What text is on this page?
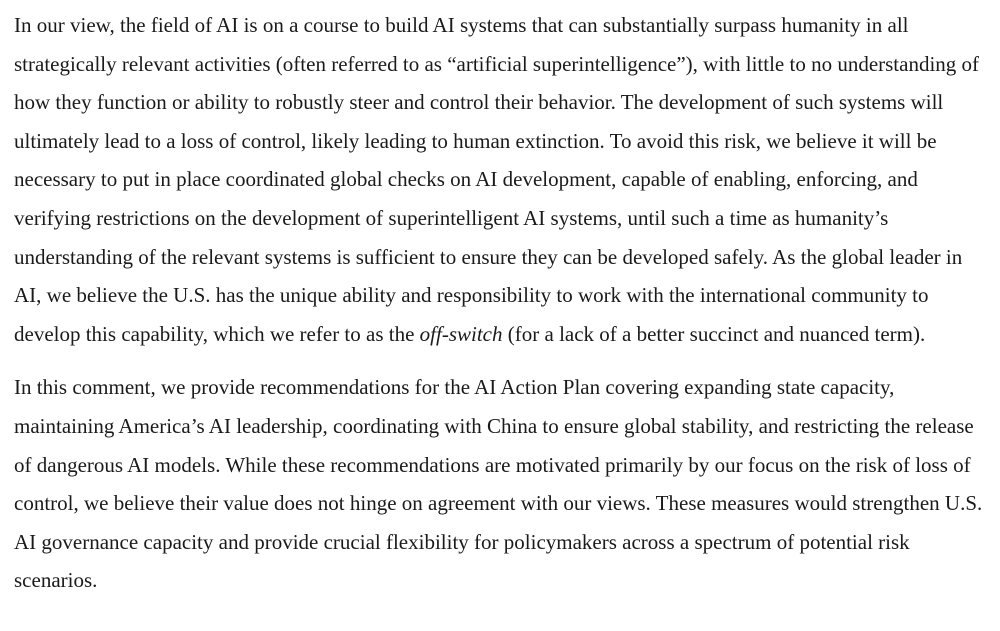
In our view, the field of AI is on a course to build AI systems that can substantially surpass humanity in all strategically relevant activities (often referred to as “artificial superintelligence”), with little to no understanding of how they function or ability to robustly steer and control their behavior. The development of such systems will ultimately lead to a loss of control, likely leading to human extinction. To avoid this risk, we believe it will be necessary to put in place coordinated global checks on AI development, capable of enabling, enforcing, and verifying restrictions on the development of superintelligent AI systems, until such a time as humanity’s understanding of the relevant systems is sufficient to ensure they can be developed safely. As the global leader in AI, we believe the U.S. has the unique ability and responsibility to work with the international community to develop this capability, which we refer to as the off-switch (for a lack of a better succinct and nuanced term).

In this comment, we provide recommendations for the AI Action Plan covering expanding state capacity, maintaining America’s AI leadership, coordinating with China to ensure global stability, and restricting the release of dangerous AI models. While these recommendations are motivated primarily by our focus on the risk of loss of control, we believe their value does not hinge on agreement with our views. These measures would strengthen U.S. AI governance capacity and provide crucial flexibility for policymakers across a spectrum of potential risk scenarios.
